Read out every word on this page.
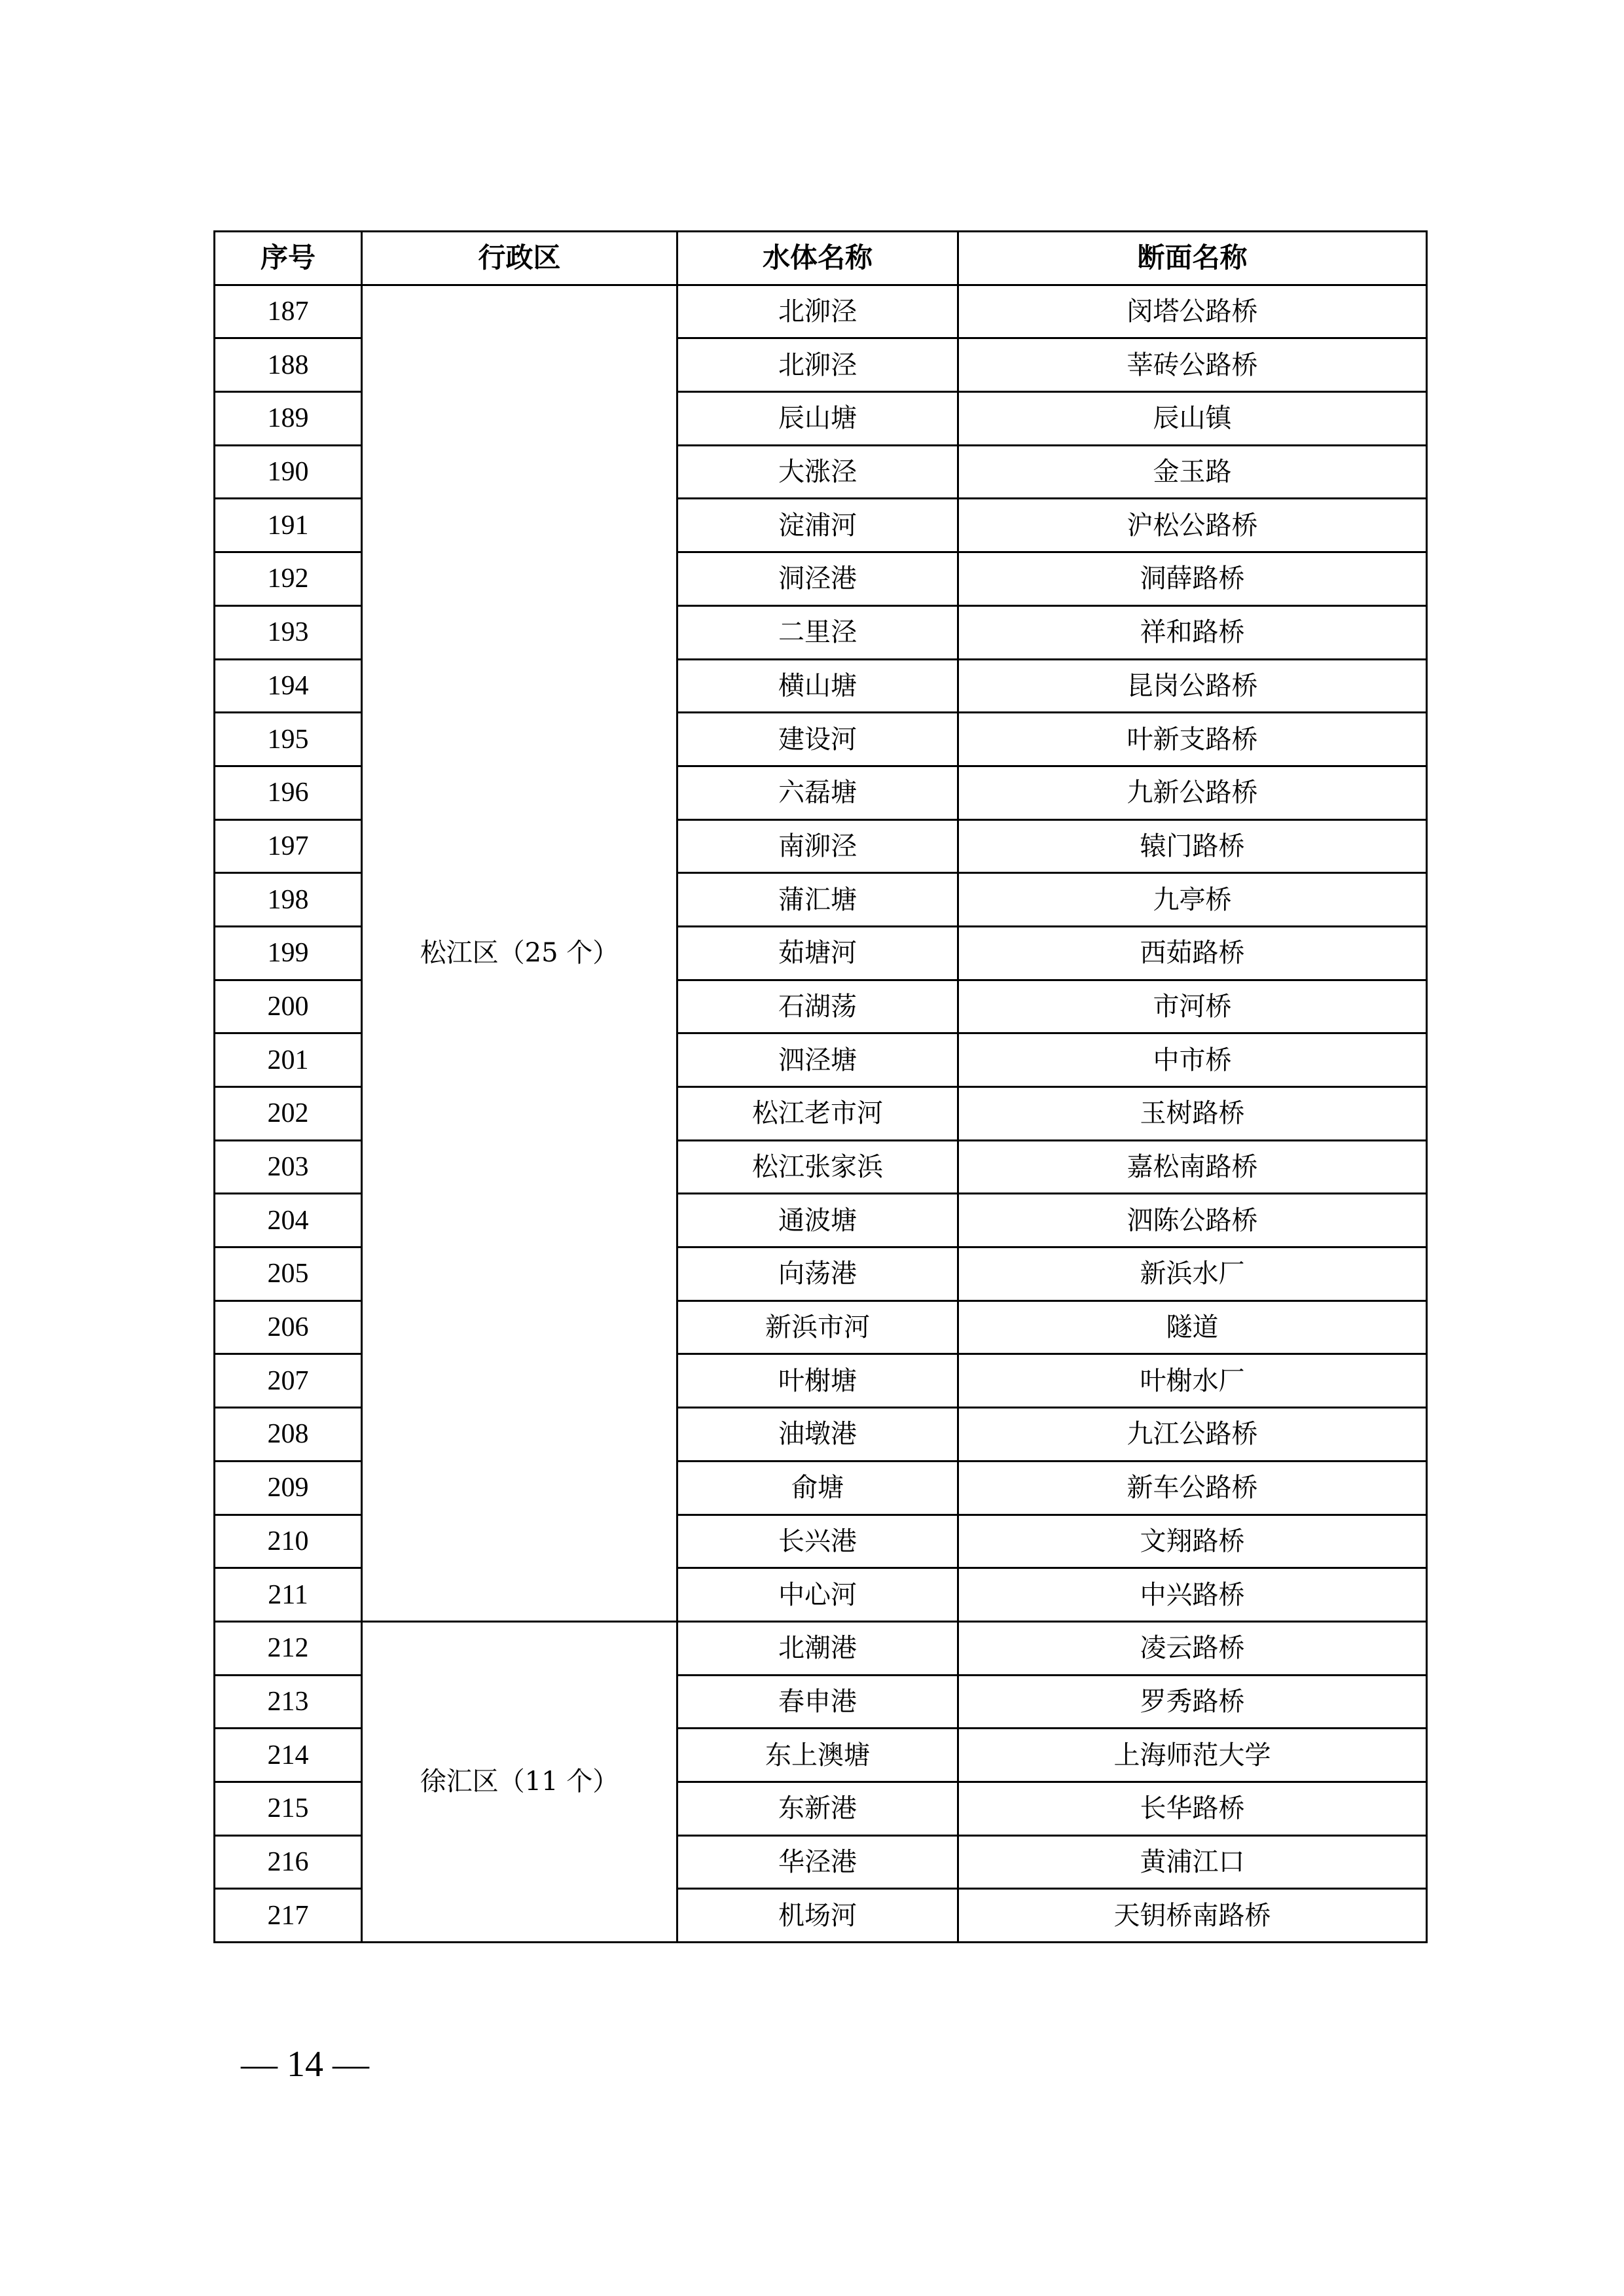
序号	行政区	水体名称	断面名称
187	松江区（25 个）	北泖泾	闵塔公路桥
188		北泖泾	莘砖公路桥
189		辰山塘	辰山镇
190		大涨泾	金玉路
191		淀浦河	沪松公路桥
192		洞泾港	洞薛路桥
193		二里泾	祥和路桥
194		横山塘	昆岗公路桥
195		建设河	叶新支路桥
196		六磊塘	九新公路桥
197		南泖泾	辕门路桥
198		蒲汇塘	九亭桥
199		茹塘河	西茹路桥
200		石湖荡	市河桥
201		泗泾塘	中市桥
202		松江老市河	玉树路桥
203		松江张家浜	嘉松南路桥
204		通波塘	泗陈公路桥
205		向荡港	新浜水厂
206		新浜市河	隧道
207		叶榭塘	叶榭水厂
208		油墩港	九江公路桥
209		俞塘	新车公路桥
210		长兴港	文翔路桥
211		中心河	中兴路桥
212	徐汇区（11 个）	北潮港	凌云路桥
213		春申港	罗秀路桥
214		东上澳塘	上海师范大学
215		东新港	长华路桥
216		华泾港	黄浦江口
217		机场河	天钥桥南路桥
— 14 —
